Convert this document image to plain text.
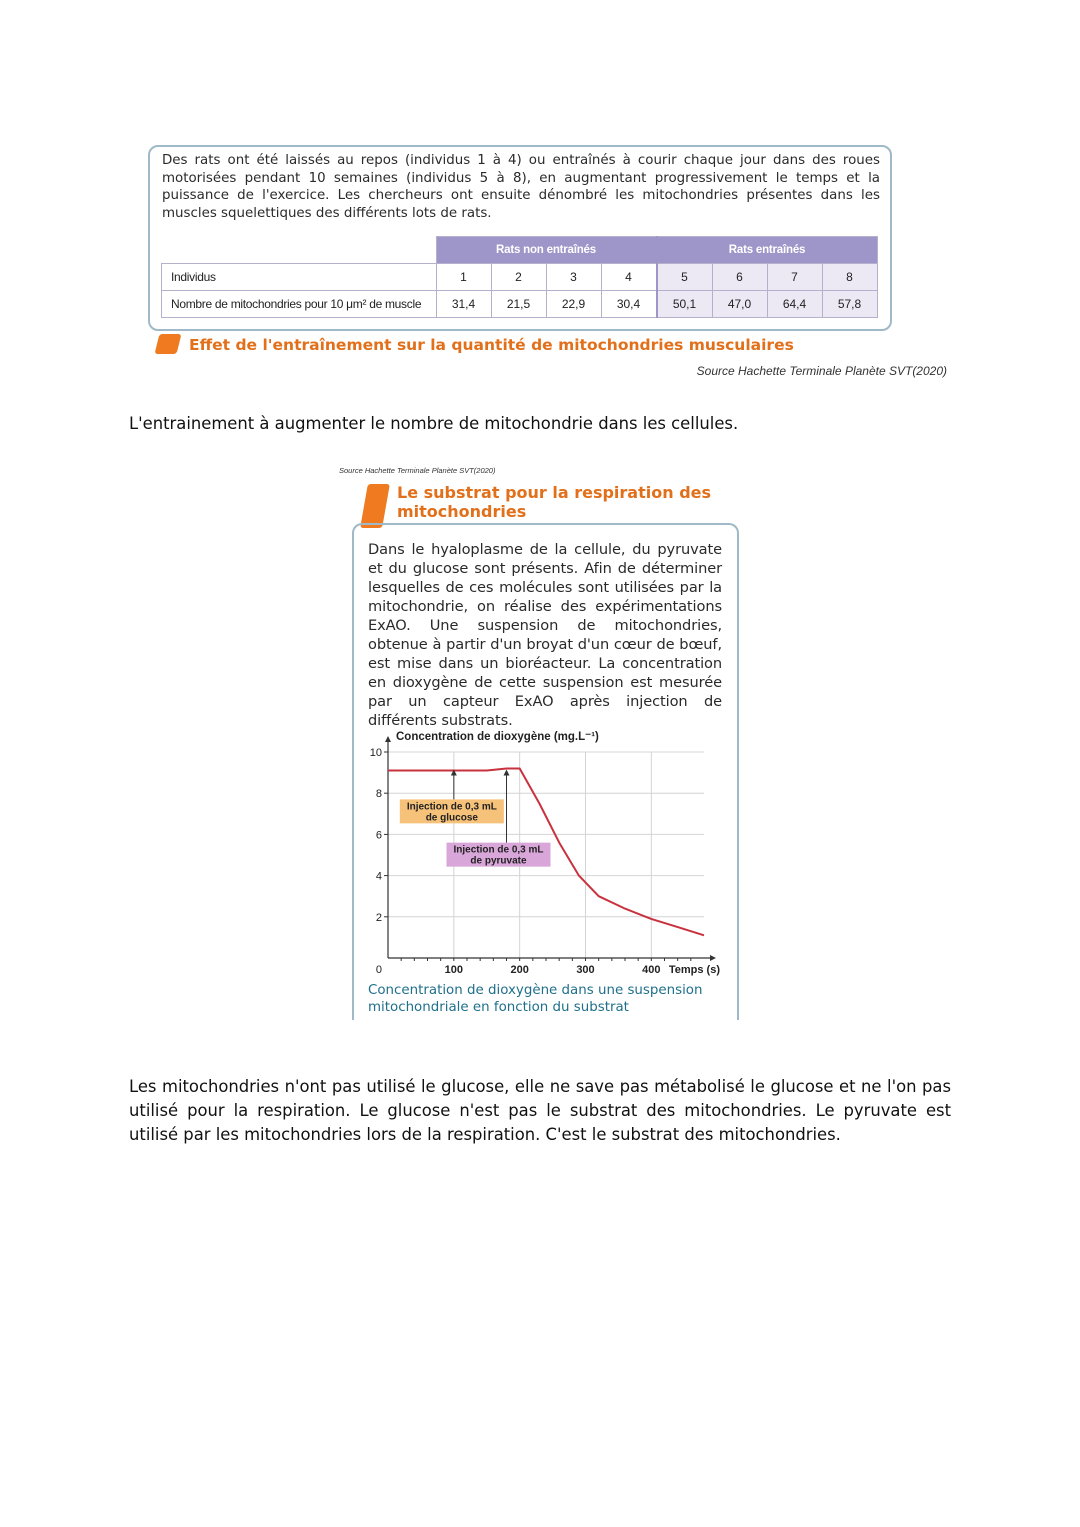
Des rats ont été laissés au repos (individus 1 à 4) ou entraînés à courir chaque jour dans des roues motorisées pendant 10 semaines (individus 5 à 8), en augmentant progressivement le temps et la puissance de l'exercice. Les chercheurs ont ensuite dénombré les mitochondries présentes dans les muscles squelettiques des différents lots de rats.
	Rats non entraînés				Rats entraînés			
Individus	1	2	3	4	5	6	7	8
Nombre de mitochondries pour 10 μm² de muscle	31,4	21,5	22,9	30,4	50,1	47,0	64,4	57,8
Effet de l'entraînement sur la quantité de mitochondries musculaires
Source Hachette Terminale Planète SVT(2020)
L'entrainement à augmenter le nombre de mitochondrie dans les cellules.
Source Hachette Terminale Planète SVT(2020)
Le substrat pour la respiration des mitochondries
Dans le hyaloplasme de la cellule, du pyruvate et du glucose sont présents. Afin de déterminer lesquelles de ces molécules sont utilisées par la mitochondrie, on réalise des expérimentations ExAO. Une suspension de mitochondries, obtenue à partir d'un broyat d'un cœur de bœuf, est mise dans un bioréacteur. La concentration en dioxygène de cette suspension est mesurée par un capteur ExAO après injection de différents substrats.
Concentration de dioxygène (mg.L⁻¹)
2
4
6
8
10
0	100	200	300	400 Temps (s)
Injection de 0,3 mL
de glucose
Injection de 0,3 mL
de pyruvate
Concentration de dioxygène dans une suspension mitochondriale en fonction du substrat
Les mitochondries n'ont pas utilisé le glucose, elle ne save pas métabolisé le glucose et ne l'on pas utilisé pour la respiration. Le glucose n'est pas le substrat des mitochondries. Le pyruvate est utilisé par les mitochondries lors de la respiration. C'est le substrat des mitochondries.
